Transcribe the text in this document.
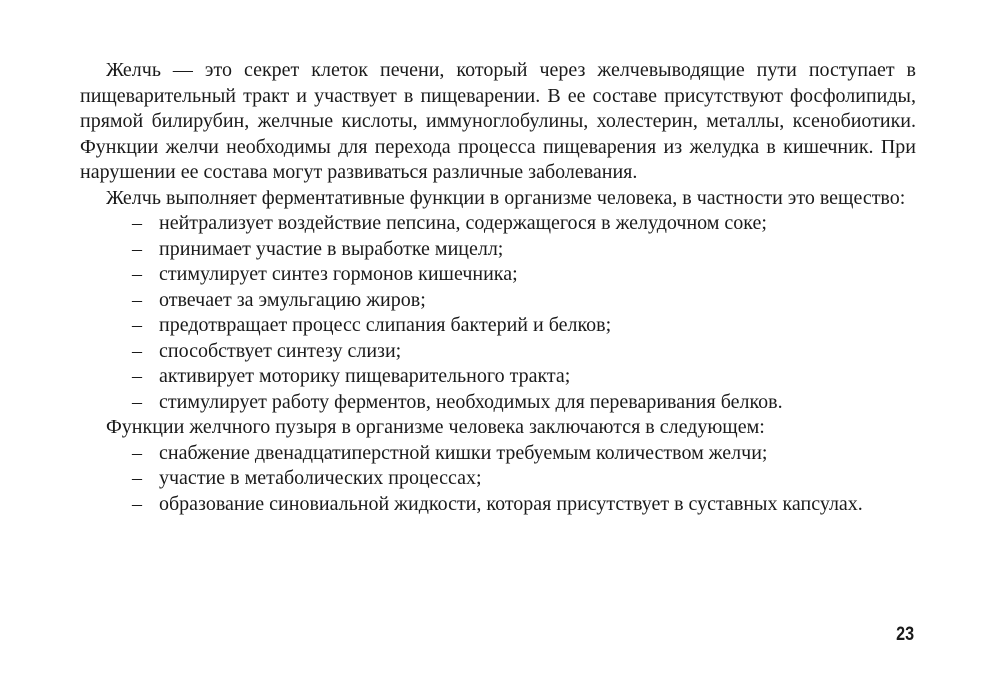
Желчь — это секрет клеток печени, который через желчевыводящие пути поступает в пищеварительный тракт и участвует в пищеварении. В ее составе присутствуют фосфолипиды, прямой билирубин, желчные кислоты, иммуноглобулины, холестерин, металлы, ксенобиотики. Функции желчи необходимы для перехода процесса пищеварения из желудка в кишечник. При нарушении ее состава могут развиваться различные заболевания.

Желчь выполняет ферментативные функции в организме человека, в частности это вещество:

– нейтрализует воздействие пепсина, содержащегося в желудочном соке;
– принимает участие в выработке мицелл;
– стимулирует синтез гормонов кишечника;
– отвечает за эмульгацию жиров;
– предотвращает процесс слипания бактерий и белков;
– способствует синтезу слизи;
– активирует моторику пищеварительного тракта;
– стимулирует работу ферментов, необходимых для переваривания белков.

Функции желчного пузыря в организме человека заключаются в следующем:

– снабжение двенадцатиперстной кишки требуемым количеством желчи;
– участие в метаболических процессах;
– образование синовиальной жидкости, которая присутствует в суставных капсулах.
23
